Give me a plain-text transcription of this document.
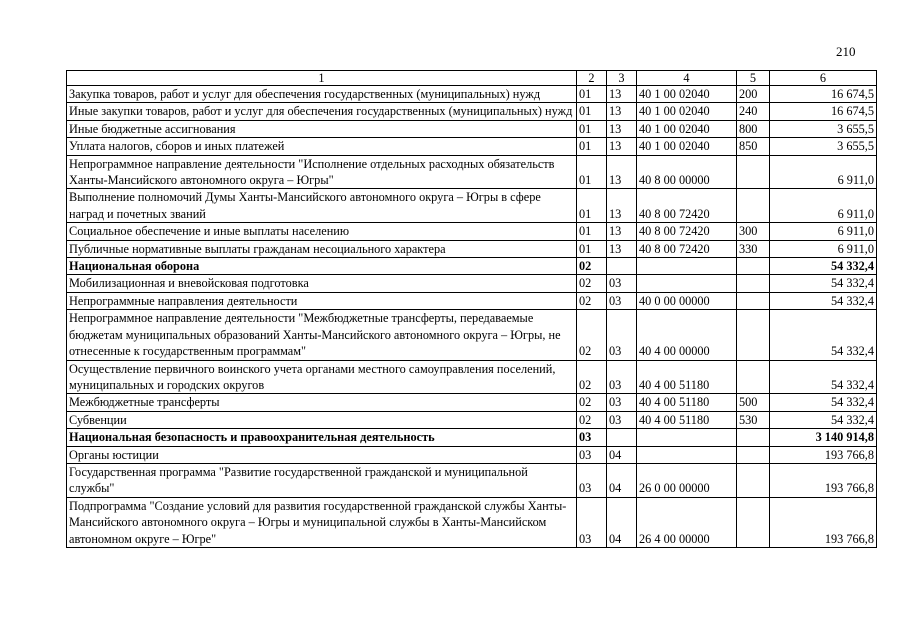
210
1	2	3	4	5	6
Закупка товаров, работ и услуг для обеспечения государственных (муниципальных) нужд	01	13	40 1 00 02040	200	16 674,5
Иные закупки товаров, работ и услуг для обеспечения государственных (муниципальных) нужд	01	13	40 1 00 02040	240	16 674,5
Иные бюджетные ассигнования	01	13	40 1 00 02040	800	3 655,5
Уплата налогов, сборов и иных платежей	01	13	40 1 00 02040	850	3 655,5
Непрограммное направление деятельности "Исполнение отдельных расходных обязательств Ханты-Мансийского автономного округа – Югры"	01	13	40 8 00 00000		6 911,0
Выполнение полномочий Думы Ханты-Мансийского автономного округа – Югры в сфере наград и почетных званий	01	13	40 8 00 72420		6 911,0
Социальное обеспечение и иные выплаты населению	01	13	40 8 00 72420	300	6 911,0
Публичные нормативные выплаты гражданам несоциального характера	01	13	40 8 00 72420	330	6 911,0
Национальная оборона	02				54 332,4
Мобилизационная и вневойсковая подготовка	02	03			54 332,4
Непрограммные направления деятельности	02	03	40 0 00 00000		54 332,4
Непрограммное направление деятельности "Межбюджетные трансферты, передаваемые бюджетам муниципальных образований Ханты-Мансийского автономного округа – Югры, не отнесенные к государственным программам"	02	03	40 4 00 00000		54 332,4
Осуществление первичного воинского учета органами местного самоуправления поселений, муниципальных и городских округов	02	03	40 4 00 51180		54 332,4
Межбюджетные трансферты	02	03	40 4 00 51180	500	54 332,4
Субвенции	02	03	40 4 00 51180	530	54 332,4
Национальная безопасность и правоохранительная деятельность	03				3 140 914,8
Органы юстиции	03	04			193 766,8
Государственная программа "Развитие государственной гражданской и муниципальной службы"	03	04	26 0 00 00000		193 766,8
Подпрограмма "Создание условий для развития государственной гражданской службы Ханты-Мансийского автономного округа – Югры и муниципальной службы в Ханты-Мансийском автономном округе – Югре"	03	04	26 4 00 00000		193 766,8
